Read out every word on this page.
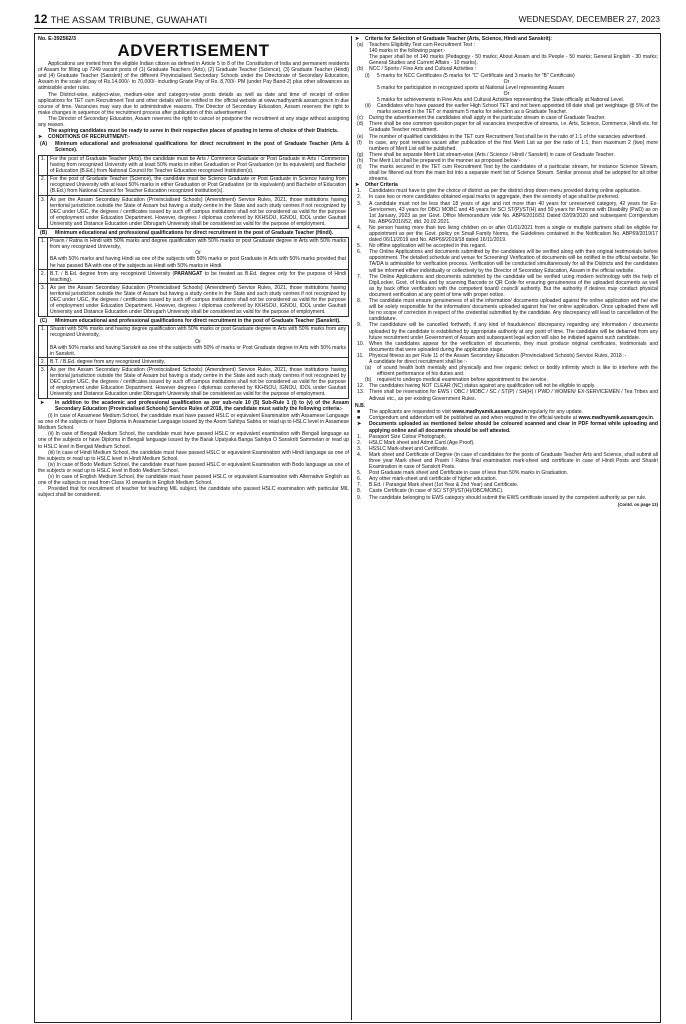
12 THE ASSAM TRIBUNE, GUWAHATI	WEDNESDAY, DECEMBER 27, 2023

No. E-392562/3

ADVERTISEMENT

Applications are invited from the eligible Indian citizen as defined in Article 5 to 8 of the Constitution of India and permanent residents of Assam for filling up 7249 vacant posts of (1) Graduate Teachers (Arts), (2) Graduate Teacher (Science), (3) Graduate Teacher (Hindi) and (4) Graduate Teacher (Sanskrit) of the different Provincialised Secondary Schools under the Directorate of Secondary Education, Assam in the scale of pay of Rs.14,000/- to 70,000/- including Grade Pay of Rs. 8,700/- PM (under Pay Band-2) plus other allowances as admissible under rules.

The District-wise, subject-wise, medium-wise and category-wise posts details as well as date and time of receipt of online applications for TET cum Recruitment Test and other details will be notified in the official website at www.madhyamik.assam.gov.in in due course of time. Vacancies may vary due to administrative reasons. The Director of Secondary Education, Assam reserves the right to make changes in sequence of the recruitment process after publication of this advertisement.

The Director of Secondary Education, Assam reserves the right to cancel or postpone the recruitment at any stage without assigning any reason.

The aspiring candidates must be ready to serve in their respective places of posting in terms of choice of their Districts.

➤ CONDITIONS OF RECRUITMENT:-

(A)	Minimum educational and professional qualifications for direct recruitment in the post of Graduate Teacher (Arts & Science).
1.	For the post of Graduate Teacher (Arts), the candidate must be Arts / Commerce Graduate or Post Graduate in Arts / Commerce having from recognized University with at least 50% marks in either Graduation or Post Graduation (or its equivalent) and Bachelor of Education (B.Ed.) from National Council for Teacher Education recognized Institution(s).
2.	For the post of Graduate Teacher (Science), the candidate must be Science Graduate or Post Graduate in Science having from recognized University with at least 50% marks in either Graduation or Post Graduation (or its equivalent) and Bachelor of Education (B.Ed.) from National Council for Teacher Education recognized Institution(s).
3.	As per the Assam Secondary Education (Provincialised Schools) (Amendment) Service Rules, 2021, those institutions having territorial jurisdiction outside the State of Assam but having a study centre in the State and such study centres if not recognized by DEC under UGC, the degrees / certificates issued by such off campus institutions shall not be considered as valid for the purpose of employment under Education Department. However, degrees / diplomas conferred by KKHSOU, IGNOU, IDOL under Gauhati University and Distance Education under Dibrugarh University shall be considered as valid for the purpose of employment.
(B)	Minimum educational and professional qualifications for direct recruitment in the post of Graduate Teacher (Hindi).
1.	Pravin / Ratna in Hindi with 50% marks and degree qualification with 50% marks or post Graduate degree in Arts with 50% marks from any recognized University,

Or

BA with 50% marks and having Hindi as one of the subjects with 50% marks or post Graduate in Arts with 50% marks provided that he has passed BA with one of the subjects as Hindi with 50% marks in Hindi

2.	B.T. / B.Ed. degree from any recognized University (PARANGAT to be treated as B.Ed. degree only for the purpose of Hindi teaching).
3.	As per the Assam Secondary Education (Provincialised Schools) (Amendment) Service Rules, 2021, those institutions having territorial jurisdiction outside the State of Assam but having a study centre in the State and such study centres if not recognized by DEC under UGC, the degrees / certificates issued by such off campus institutions shall not be considered as valid for the purpose of employment under Education Department. However, degrees / diplomas conferred by KKHSOU, IGNOU, IDOL under Gauhati University and Distance Education under Dibrugarh University shall be considered as valid for the purpose of employment.
(C)	Minimum educational and professional qualifications for direct recruitment in the post of Graduate Teacher (Sanskrit).
1.	Shastri with 50% marks and having degree qualification with 50% marks or post Graduate degree in Arts with 50% marks from any recognized University,

Or

BA with 50% marks and having Sanskrit as one of the subjects with 50% of marks or Post Graduate degree in Arts with 50% marks in Sanskrit.

2.	B.T. / B.Ed. degree from any recognized University.
3.	As per the Assam Secondary Education (Provincialised Schools) (Amendment) Service Rules, 2021, those institutions having territorial jurisdiction outside the State of Assam but having a study centre in the State and such study centres if not recognized by DEC under UGC, the degrees / certificates issued by such off campus institutions shall not be considered as valid for the purpose of employment under Education Department. However degrees / diplomas conferred by KKHSOU, IGNOU, IDOL under Gauhati University and Distance Education under Dibrugarh University shall be considered as valid for the purpose of employment.
➤	In addition to the academic and professional qualification as per sub-rule 10 (5) Sub-Rule 1 (i) to (v) of the Assam Secondary Education (Provincialised Schools) Service Rules of 2018, the candidate must satisfy the following criteria:-

(i) In case of Assamese Medium School, the candidate must have passed HSLC or equivalent Examination with Assamese Language as one of the subjects or have Diploma in Assamese Language issued by the Axom Sahitya Sabha or read up to HSLC level in Assamese Medium School.

(ii) In case of Bengali Medium School, the candidate must have passed HSLC or equivalent examination with Bengali language as one of the subjects or have Diploma in Bengali language issued by the Barak Upatyaka Banga Sahitya O Sanskriti Sammelan or read up to HSLC level in Bengali Medium School.

(iii) In case of Hindi Medium School, the candidate must have passed HSLC or equivalent Examination with Hindi language as one of the subjects or read up to HSLC level in Hindi Medium School.

(iv) In case of Bodo Medium School, the candidate must have passed HSLC or equivalent Examination with Bodo language as one of the subjects or read up to HSLC level in Bodo Medium School.

(v) In case of English Medium School, the candidate must have passed HSLC or equivalent Examination with Alternative English as one of the subjects or read from Class XI onwards in English Medium School.

Provided that for recruitment of teacher for teaching MIL subject, the candidate who passed HSLC examination with particular MIL subject shall be considered.

➤ Criteria for Selection of Graduate Teacher (Arts, Science, Hindi and Sanskrit):

(a)	Teachers Eligibility Test cum Recruitment Test :

140 marks in the following paper:-

The paper shall be of 140 marks (Pedagogy - 50 marks; About Assam and its People - 50 marks; General English - 30 marks; General Studies and Current Affairs - 10 marks).

(b)	NCC / Sports / Fine Arts and Cultural Activities :
(i)	5 marks for NCC Certificates (5 marks for "C" Certificate and 3 marks for "B" Certificate)

Or

5 marks for participation in recognized sports at National Level representing Assam

Or

5 marks for achievements in Fine Arts and Cultural Activities representing the State officially at National Level.

(ii)	Candidates who have passed the earlier High School TET and not been appointed till date shall get weightage @ 5% of the marks secured in the TET or maximum 5 marks for selection as a Graduate Teacher.
(c)	During the advertisement the candidates shall apply in the particular stream in case of Graduate Teacher.
(d)	There shall be one common question paper for all vacancies irrespective of streams, i.e. Arts, Science, Commerce, Hindi etc. for Graduate Teacher recruitment.
(e)	The number of qualified candidates in the TET cum Recruitment Test shall be in the ratio of 1:1 of the vacancies advertised.
(f)	In case, any post remains vacant after publication of the first Merit List as per the ratio of 1:1, then maximum 2 (two) more numbers of Merit List will be published.
(g)	There shall be separate Merit List stream-wise (Arts / Science / Hindi / Sanskrit) in case of Graduate Teacher.
(h)	The Merit List shall be prepared in the manner as proposed below:-
(i)	The marks secured in the TET cum Recruitment Test by the candidates of a particular stream, for instance Science Stream, shall be filtered out from the main list into a separate merit list of Science Stream. Similar process shall be adopted for all other streams.

➤ Other Criteria

1.	Candidates must have to give the choice of district as per the district drop down menu provided during online application.
2.	In case two or more candidates obtained equal marks in aggregate, then the seniority of age shall be preferred.
3.	A candidate must not be less than 18 years of age and not more than 40 years for unreserved category, 42 years for Ex-Servicemen, 43 years for OBC/ MOBC and 45 years for SC/ ST(P)/ST(H) and 50 years for Persons with Disability (PwD) as on 1st January, 2023 as per Govt. Office Memorandum vide No. ABP6/2016/51 Dated 02/09/2020 and subsequent Corrigendum No. ABP6/2016/52, dtd. 20.02.2021.
4.	No person having more than two living children on or after 01/01/2021 from a single or multiple partners shall be eligible for appointment as per the Govt. policy on Small Family Norms, the Guidelines contained in the Notification No. ABP69/2019/17 dated 06/11/2019 and No. ABP69/2019/18 dated 16/11/2019.
5.	No offline application will be accepted in this regard.
6.	The Online Applications and documents submitted by the candidates will be verified along with their original testimonials before appointment. The detailed schedule and venue for Screening/ Verification of documents will be notified in the official website. No TA/DA is admissible for verification process. Verification will be conducted simultaneously for all the Districts and the candidates will be informed either individually or collectively by the Director of Secondary Education, Assam in the official website.
7.	The Online Applications and documents submitted by the candidate will be verified using modern technology with the help of DigiLocker, Govt. of India and by scanning Barcode or QR Code for ensuring genuineness of the uploaded documents as well as by back office verification with the competent board/ council/ authority. But the authority if desires may conduct physical document verification at any point of time with proper notice.
8.	The candidate must ensure genuineness of all the information/ documents uploaded against the online application and he/ she will be solely responsible for the information/ documents uploaded against his/ her online application. Once uploaded there will be no scope of correction in respect of the credential submitted by the candidate. Any discrepancy will lead to cancellation of the candidature.
9.	The candidature will be cancelled forthwith, if any kind of fraudulence/ discrepancy regarding any information / documents uploaded by the candidate is established by appropriate authority at any point of time. The candidate will be debarred from any future recruitment under Government of Assam and subsequent legal action will also be initiated against such candidate.
10. When the candidates appear for the verification of documents, they must produce original certificates, testimonials and documents that were uploaded during the application stage.
11.	Physical fitness as per Rule 11 of the Assam Secondary Education (Provincialised Schools) Service Rules, 2018 :-

A candidate for direct recruitment shall be :-

(a)	of sound health both mentally and physically and free organic defect or bodily infirmity which is like to interfere with the efficient performance of his duties and
(b)	required to undergo medical examination before appointment to the service.
12. The candidates having NOT CLEAR (NC) status against any qualification will not be eligible to apply.
13. There shall be reservation for EWS / OBC / MOBC / SC / ST(P) / SH(H) / PWD / WOMEN/ EX-SERVICEMEN / Tea Tribes and Adivasi etc., as per existing Government Rules.

N.B.

■	The applicants are requested to visit www.madhyamik.assam.gov.in regularly for any update.
■	Corrigendum and addendum will be published as and when required in the official website at www.madhyamik.assam.gov.in.
➤	Documents uploaded as mentioned below should be coloured scanned and clear in PDF format while uploading and applying online and all documents should be self attested.
1.	Passport Size Colour Photograph.
2.	HSLC Mark sheet and Admit Card (Age Proof).
3.	HSSLC Mark-sheet and Certificate.
4.	Mark sheet and Certificate of Degree (in case of candidates for the posts of Graduate Teacher Arts and Science, shall submit all three year Mark sheet and Pravin / Ratna final examination mark-sheet and certificate in case of Hindi Posts and Shastri Examination in case of Sanskrit Posts.
5.	Post Graduate mark sheet and Certificate in case of less than 50% marks in Graduation.
6.	Any other mark-sheet and certificate of higher education.
7.	B.Ed. / Parangat Mark sheet (1st Year & 2nd Year) and Certificate.
8.	Caste Certificate (in case of SC/ ST(P)/ST(H)/OBC/MOBC).
9.	The candidate belonging to EWS category should submit the EWS certificate issued by the competent authority as per rule.

(Contd. on page 13)
